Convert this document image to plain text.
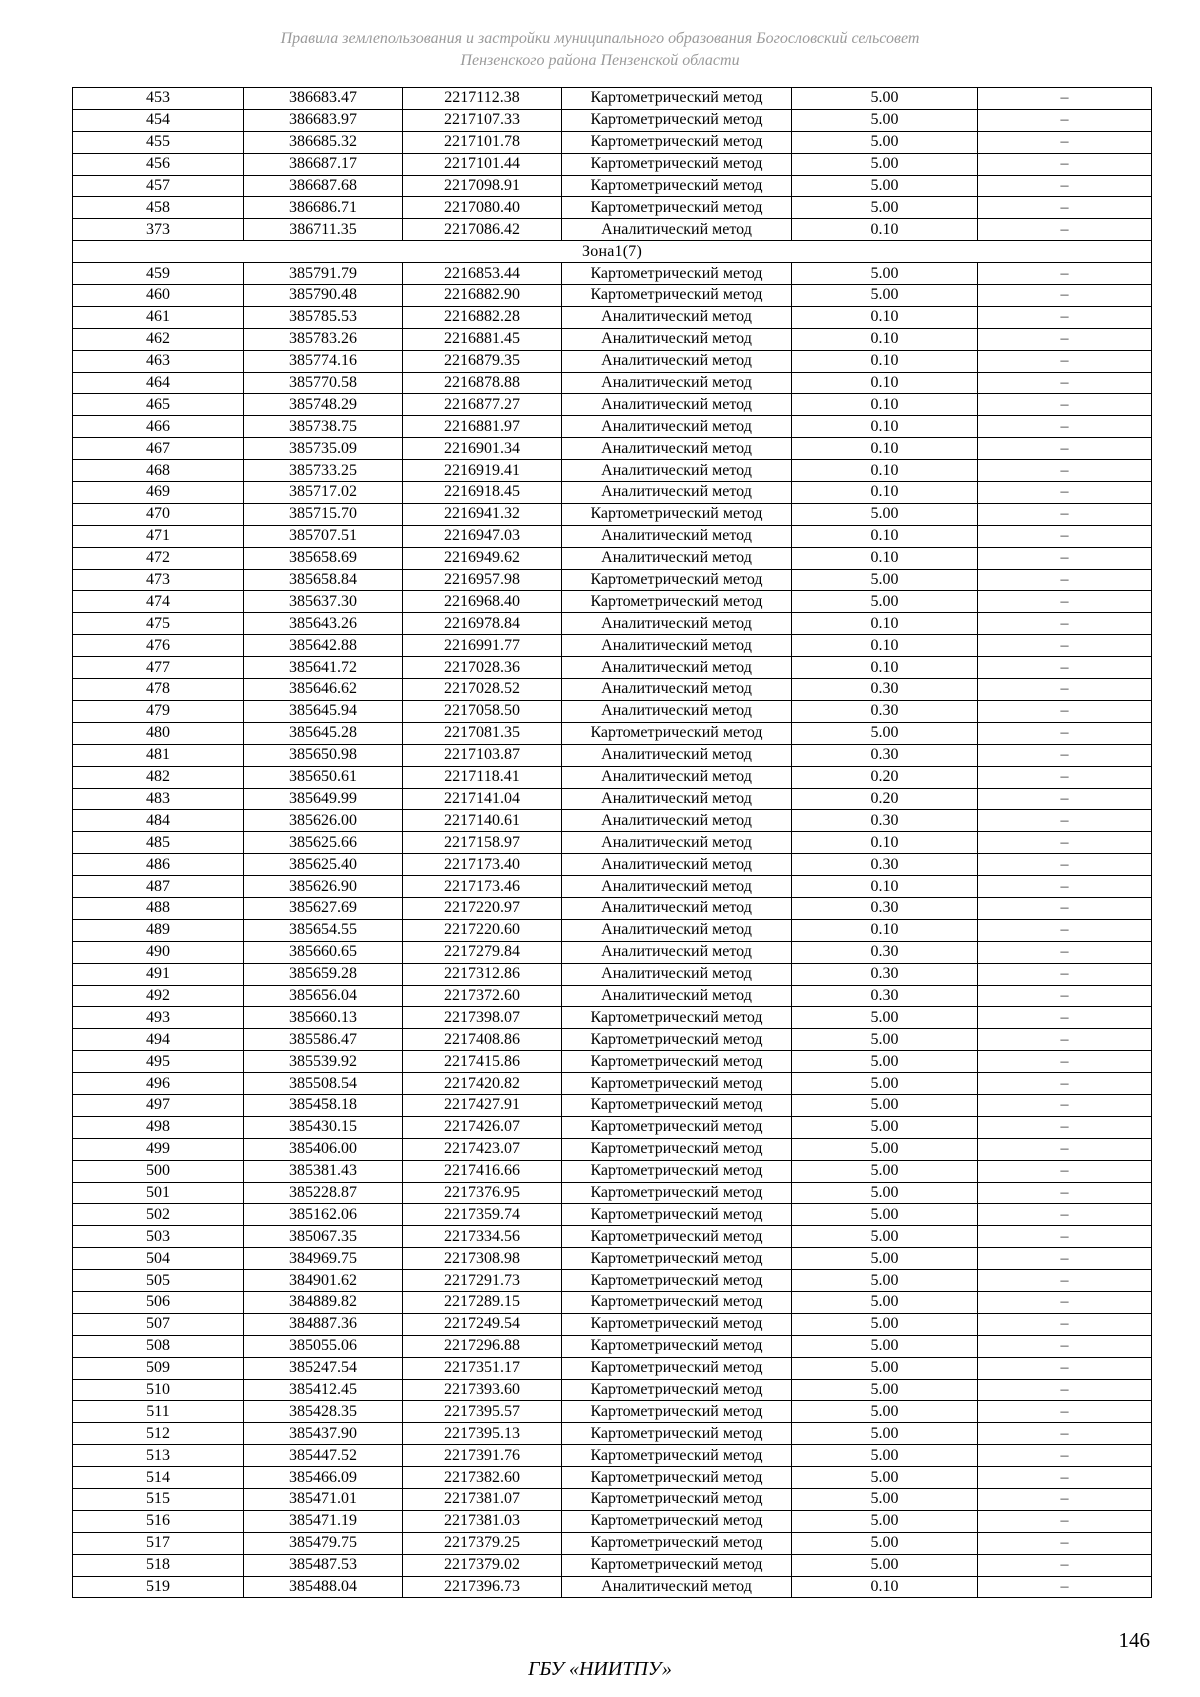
Правила землепользования и застройки муниципального образования Богословский сельсовет
Пензенского района Пензенской области
453	386683.47	2217112.38	Картометрический метод	5.00	–
454	386683.97	2217107.33	Картометрический метод	5.00	–
455	386685.32	2217101.78	Картометрический метод	5.00	–
456	386687.17	2217101.44	Картометрический метод	5.00	–
457	386687.68	2217098.91	Картометрический метод	5.00	–
458	386686.71	2217080.40	Картометрический метод	5.00	–
373	386711.35	2217086.42	Аналитический метод	0.10	–
Зона1(7)					
459	385791.79	2216853.44	Картометрический метод	5.00	–
460	385790.48	2216882.90	Картометрический метод	5.00	–
461	385785.53	2216882.28	Аналитический метод	0.10	–
462	385783.26	2216881.45	Аналитический метод	0.10	–
463	385774.16	2216879.35	Аналитический метод	0.10	–
464	385770.58	2216878.88	Аналитический метод	0.10	–
465	385748.29	2216877.27	Аналитический метод	0.10	–
466	385738.75	2216881.97	Аналитический метод	0.10	–
467	385735.09	2216901.34	Аналитический метод	0.10	–
468	385733.25	2216919.41	Аналитический метод	0.10	–
469	385717.02	2216918.45	Аналитический метод	0.10	–
470	385715.70	2216941.32	Картометрический метод	5.00	–
471	385707.51	2216947.03	Аналитический метод	0.10	–
472	385658.69	2216949.62	Аналитический метод	0.10	–
473	385658.84	2216957.98	Картометрический метод	5.00	–
474	385637.30	2216968.40	Картометрический метод	5.00	–
475	385643.26	2216978.84	Аналитический метод	0.10	–
476	385642.88	2216991.77	Аналитический метод	0.10	–
477	385641.72	2217028.36	Аналитический метод	0.10	–
478	385646.62	2217028.52	Аналитический метод	0.30	–
479	385645.94	2217058.50	Аналитический метод	0.30	–
480	385645.28	2217081.35	Картометрический метод	5.00	–
481	385650.98	2217103.87	Аналитический метод	0.30	–
482	385650.61	2217118.41	Аналитический метод	0.20	–
483	385649.99	2217141.04	Аналитический метод	0.20	–
484	385626.00	2217140.61	Аналитический метод	0.30	–
485	385625.66	2217158.97	Аналитический метод	0.10	–
486	385625.40	2217173.40	Аналитический метод	0.30	–
487	385626.90	2217173.46	Аналитический метод	0.10	–
488	385627.69	2217220.97	Аналитический метод	0.30	–
489	385654.55	2217220.60	Аналитический метод	0.10	–
490	385660.65	2217279.84	Аналитический метод	0.30	–
491	385659.28	2217312.86	Аналитический метод	0.30	–
492	385656.04	2217372.60	Аналитический метод	0.30	–
493	385660.13	2217398.07	Картометрический метод	5.00	–
494	385586.47	2217408.86	Картометрический метод	5.00	–
495	385539.92	2217415.86	Картометрический метод	5.00	–
496	385508.54	2217420.82	Картометрический метод	5.00	–
497	385458.18	2217427.91	Картометрический метод	5.00	–
498	385430.15	2217426.07	Картометрический метод	5.00	–
499	385406.00	2217423.07	Картометрический метод	5.00	–
500	385381.43	2217416.66	Картометрический метод	5.00	–
501	385228.87	2217376.95	Картометрический метод	5.00	–
502	385162.06	2217359.74	Картометрический метод	5.00	–
503	385067.35	2217334.56	Картометрический метод	5.00	–
504	384969.75	2217308.98	Картометрический метод	5.00	–
505	384901.62	2217291.73	Картометрический метод	5.00	–
506	384889.82	2217289.15	Картометрический метод	5.00	–
507	384887.36	2217249.54	Картометрический метод	5.00	–
508	385055.06	2217296.88	Картометрический метод	5.00	–
509	385247.54	2217351.17	Картометрический метод	5.00	–
510	385412.45	2217393.60	Картометрический метод	5.00	–
511	385428.35	2217395.57	Картометрический метод	5.00	–
512	385437.90	2217395.13	Картометрический метод	5.00	–
513	385447.52	2217391.76	Картометрический метод	5.00	–
514	385466.09	2217382.60	Картометрический метод	5.00	–
515	385471.01	2217381.07	Картометрический метод	5.00	–
516	385471.19	2217381.03	Картометрический метод	5.00	–
517	385479.75	2217379.25	Картометрический метод	5.00	–
518	385487.53	2217379.02	Картометрический метод	5.00	–
519	385488.04	2217396.73	Аналитический метод	0.10	–
146
ГБУ «НИИТПУ»
